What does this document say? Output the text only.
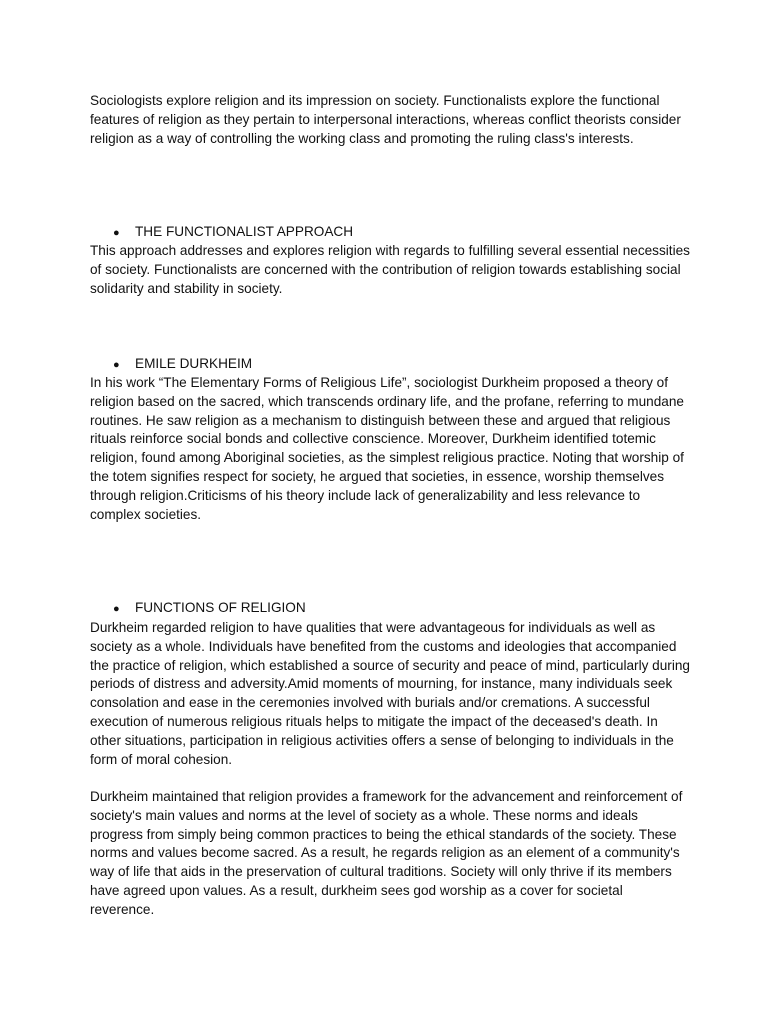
Sociologists explore religion and its impression on society. Functionalists explore the functional features of religion as they pertain to interpersonal interactions, whereas conflict theorists consider religion as a way of controlling the working class and promoting the ruling class's interests.

● THE FUNCTIONALIST APPROACH

This approach addresses and explores religion with regards to fulfilling several essential necessities of society. Functionalists are concerned with the contribution of religion towards establishing social solidarity and stability in society.

● EMILE DURKHEIM

In his work “The Elementary Forms of Religious Life”, sociologist Durkheim proposed a theory of religion based on the sacred, which transcends ordinary life, and the profane, referring to mundane routines. He saw religion as a mechanism to distinguish between these and argued that religious rituals reinforce social bonds and collective conscience. Moreover, Durkheim identified totemic religion, found among Aboriginal societies, as the simplest religious practice. Noting that worship of the totem signifies respect for society, he argued that societies, in essence, worship themselves through religion.Criticisms of his theory include lack of generalizability and less relevance to complex societies.

● FUNCTIONS OF RELIGION

Durkheim regarded religion to have qualities that were advantageous for individuals as well as society as a whole. Individuals have benefited from the customs and ideologies that accompanied the practice of religion, which established a source of security and peace of mind, particularly during periods of distress and adversity.Amid moments of mourning, for instance, many individuals seek consolation and ease in the ceremonies involved with burials and/or cremations. A successful execution of numerous religious rituals helps to mitigate the impact of the deceased's death. In other situations, participation in religious activities offers a sense of belonging to individuals in the form of moral cohesion.

Durkheim maintained that religion provides a framework for the advancement and reinforcement of society's main values and norms at the level of society as a whole. These norms and ideals progress from simply being common practices to being the ethical standards of the society. These norms and values become sacred. As a result, he regards religion as an element of a community's way of life that aids in the preservation of cultural traditions. Society will only thrive if its members have agreed upon values. As a result, durkheim sees god worship as a cover for societal reverence.
